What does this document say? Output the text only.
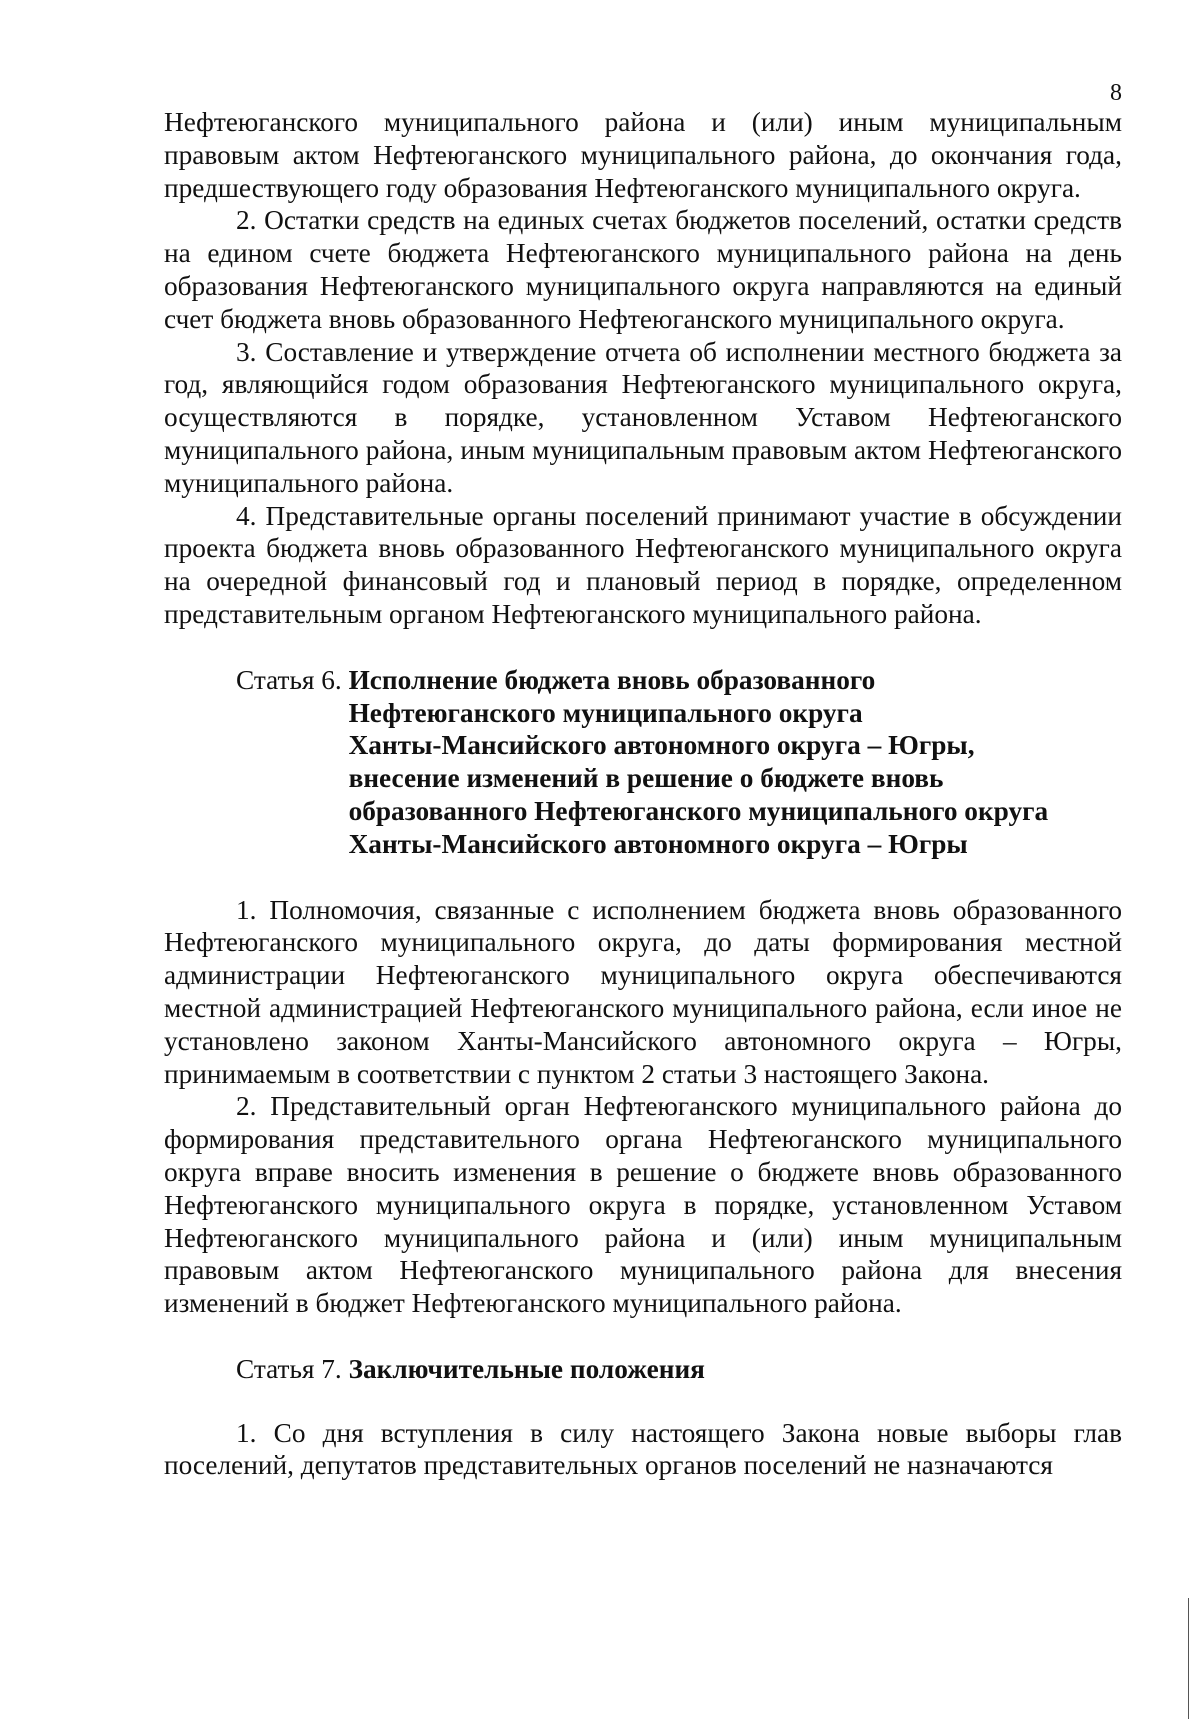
8

Нефтеюганского муниципального района и (или) иным муниципальным правовым актом Нефтеюганского муниципального района, до окончания года, предшествующего году образования Нефтеюганского муниципального округа.

2. Остатки средств на единых счетах бюджетов поселений, остатки средств на едином счете бюджета Нефтеюганского муниципального района на день образования Нефтеюганского муниципального округа направляются на единый счет бюджета вновь образованного Нефтеюганского муниципального округа.

3. Составление и утверждение отчета об исполнении местного бюджета за год, являющийся годом образования Нефтеюганского муниципального округа, осуществляются в порядке, установленном Уставом Нефтеюганского муниципального района, иным муниципальным правовым актом Нефтеюганского муниципального района.

4. Представительные органы поселений принимают участие в обсуждении проекта бюджета вновь образованного Нефтеюганского муниципального округа на очередной финансовый год и плановый период в порядке, определенном представительным органом Нефтеюганского муниципального района.

Статья 6. Исполнение бюджета вновь образованного
Нефтеюганского муниципального округа
Ханты-Мансийского автономного округа – Югры,
внесение изменений в решение о бюджете вновь
образованного Нефтеюганского муниципального округа
Ханты-Мансийского автономного округа – Югры

1. Полномочия, связанные с исполнением бюджета вновь образованного Нефтеюганского муниципального округа, до даты формирования местной администрации Нефтеюганского муниципального округа обеспечиваются местной администрацией Нефтеюганского муниципального района, если иное не установлено законом Ханты-Мансийского автономного округа – Югры, принимаемым в соответствии с пунктом 2 статьи 3 настоящего Закона.

2. Представительный орган Нефтеюганского муниципального района до формирования представительного органа Нефтеюганского муниципального округа вправе вносить изменения в решение о бюджете вновь образованного Нефтеюганского муниципального округа в порядке, установленном Уставом Нефтеюганского муниципального района и (или) иным муниципальным правовым актом Нефтеюганского муниципального района для внесения изменений в бюджет Нефтеюганского муниципального района.

Статья 7. Заключительные положения

1. Со дня вступления в силу настоящего Закона новые выборы глав поселений, депутатов представительных органов поселений не назначаются
